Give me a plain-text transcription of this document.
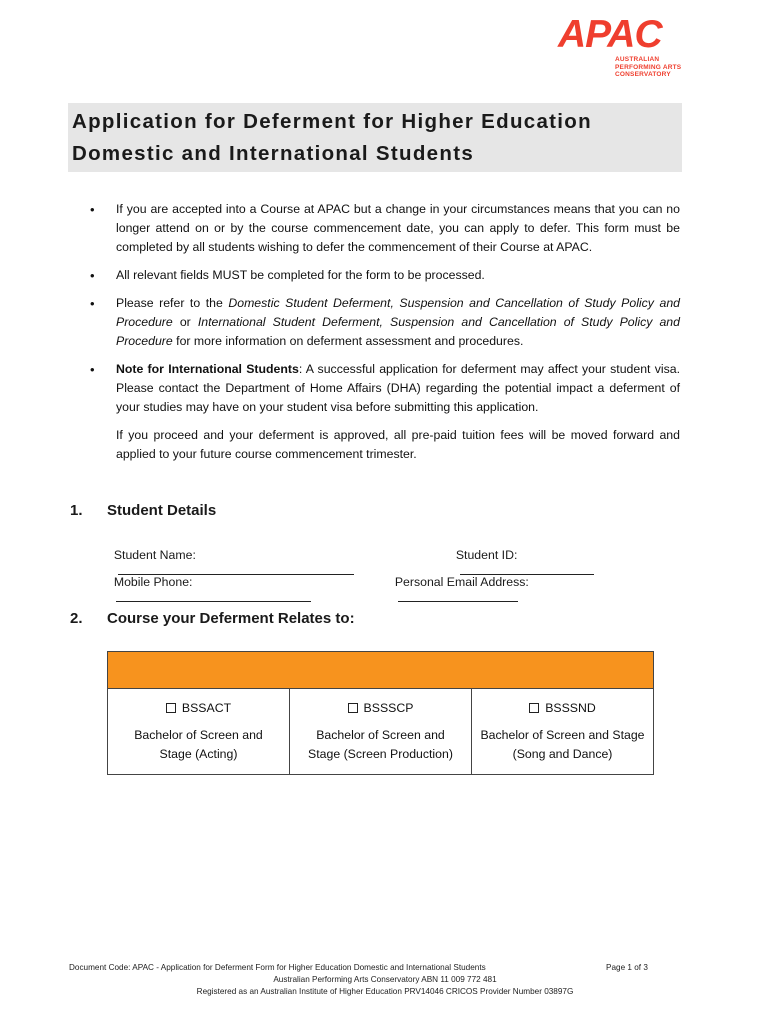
APAC
AUSTRALIAN
PERFORMING ARTS
CONSERVATORY
Application for Deferment for Higher Education
Domestic and International Students
• If you are accepted into a Course at APAC but a change in your circumstances means that you can no longer attend on or by the course commencement date, you can apply to defer. This form must be completed by all students wishing to defer the commencement of their Course at APAC.
• All relevant fields MUST be completed for the form to be processed.
• Please refer to the Domestic Student Deferment, Suspension and Cancellation of Study Policy and Procedure or International Student Deferment, Suspension and Cancellation of Study Policy and Procedure for more information on deferment assessment and procedures.
• Note for International Students: A successful application for deferment may affect your student visa. Please contact the Department of Home Affairs (DHA) regarding the potential impact a deferment of your studies may have on your student visa before submitting this application.
If you proceed and your deferment is approved, all pre-paid tuition fees will be moved forward and applied to your future course commencement trimester.
1. Student Details

Student Name:
	Student ID:

Mobile Phone:
	Personal Email Address:

2. Course your Deferment Relates to:
BSSACT
Bachelor of Screen and
Stage (Acting)
BSSSCP
Bachelor of Screen and
Stage (Screen Production)
BSSSND
Bachelor of Screen and Stage
(Song and Dance)
Document Code: APAC - Application for Deferment Form for Higher Education Domestic and International Students	Page 1 of 3
Australian Performing Arts Conservatory ABN 11 009 772 481
Registered as an Australian Institute of Higher Education PRV14046 CRICOS Provider Number 03897G
